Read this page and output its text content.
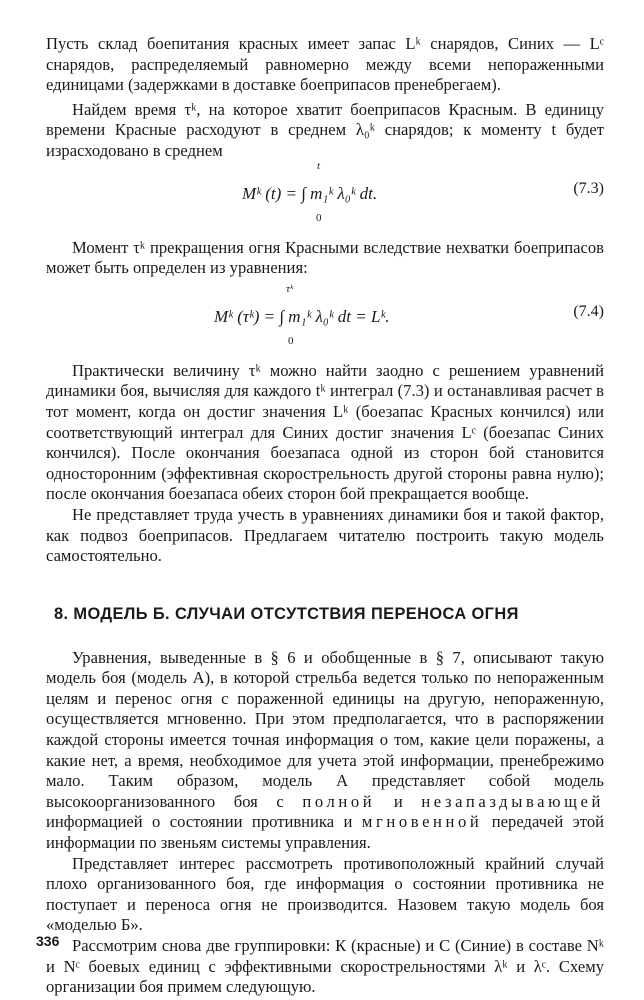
Пусть склад боепитания красных имеет запас Lᵏ снарядов, Синих — Lᶜ снарядов, распределяемый равномерно между всеми непораженными единицами (задержками в доставке боеприпасов пренебрегаем).

Найдем время τᵏ, на которое хватит боеприпасов Красным. В единицу времени Красные расходуют в среднем λ₀ᵏ снарядов; к моменту t будет израсходовано в среднем

t
Mᵏ (t) = ∫ m₁ᵏ λ₀ᵏ dt.
0
(7.3)

Момент τᵏ прекращения огня Красными вследствие нехватки боеприпасов может быть определен из уравнения:

τᵏ
Mᵏ (τᵏ) = ∫ m₁ᵏ λ₀ᵏ dt = Lᵏ.
0
(7.4)

Практически величину τᵏ можно найти заодно с решением уравнений динамики боя, вычисляя для каждого tᵏ интеграл (7.3) и останавливая расчет в тот момент, когда он достиг значения Lᵏ (боезапас Красных кончился) или соответствующий интеграл для Синих достиг значения Lᶜ (боезапас Синих кончился). После окончания боезапаса одной из сторон бой становится односторонним (эффективная скорострельность другой стороны равна нулю); после окончания боезапаса обеих сторон бой прекращается вообще.

Не представляет труда учесть в уравнениях динамики боя и такой фактор, как подвоз боеприпасов. Предлагаем читателю построить такую модель самостоятельно.

8. МОДЕЛЬ Б. СЛУЧАИ ОТСУТСТВИЯ ПЕРЕНОСА ОГНЯ

Уравнения, выведенные в § 6 и обобщенные в § 7, описывают такую модель боя (модель А), в которой стрельба ведется только по непораженным целям и перенос огня с пораженной единицы на другую, непораженную, осуществляется мгновенно. При этом предполагается, что в распоряжении каждой стороны имеется точная информация о том, какие цели поражены, а какие нет, а время, необходимое для учета этой информации, пренебрежимо мало. Таким образом, модель А представляет собой модель высокоорганизованного боя с полной и незапаздывающей информацией о состоянии противника и мгновенной передачей этой информации по звеньям системы управления.

Представляет интерес рассмотреть противоположный крайний случай плохо организованного боя, где информация о состоянии противника не поступает и переноса огня не производится. Назовем такую модель боя «моделью Б».

Рассмотрим снова две группировки: К (красные) и С (Синие) в составе Nᵏ и Nᶜ боевых единиц с эффективными скорострельностями λᵏ и λᶜ. Схему организации боя примем следующую.

336
